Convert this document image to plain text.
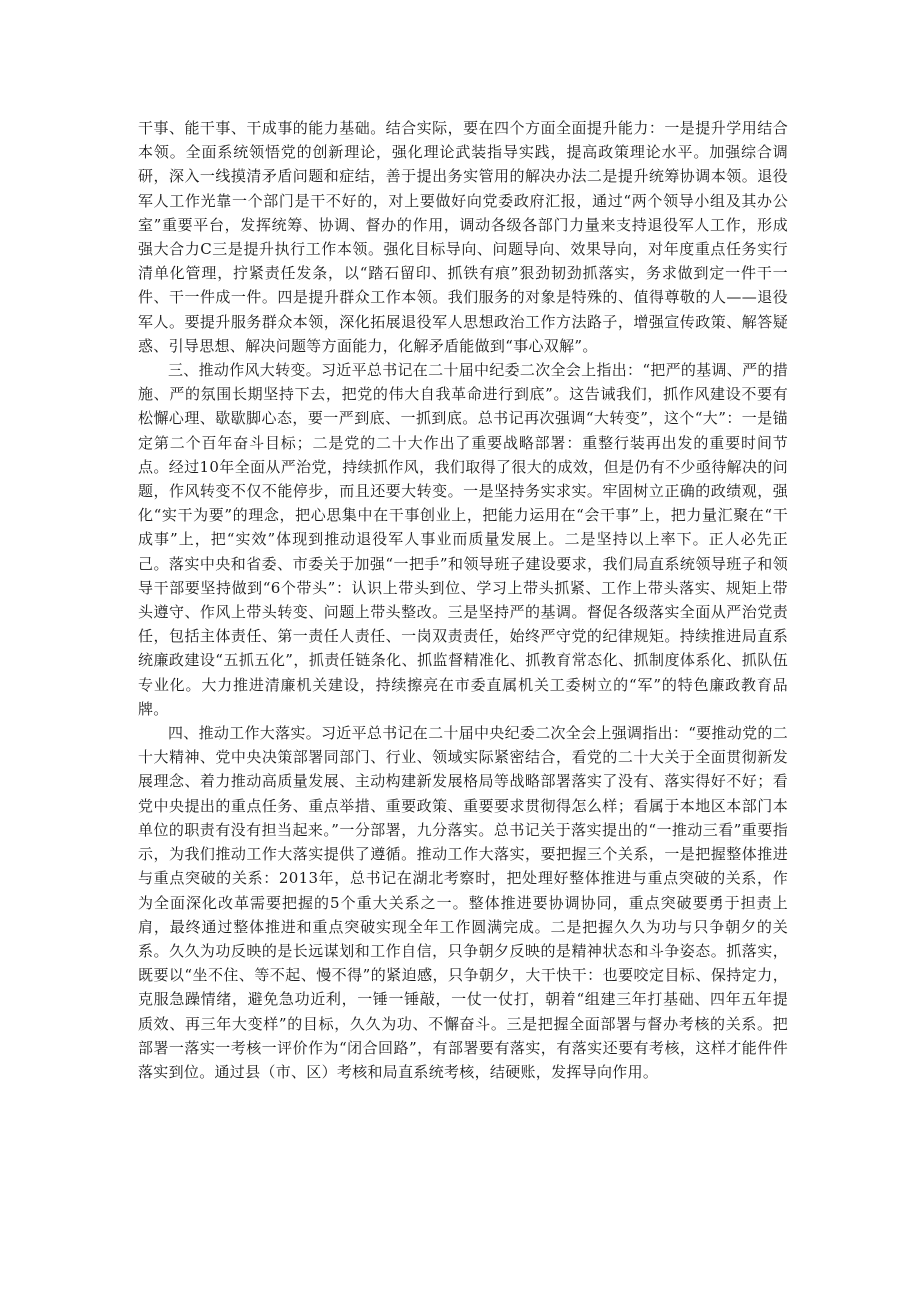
干事、能干事、干成事的能力基础。结合实际，要在四个方面全面提升能力：一是提升学用结合本领。全面系统领悟党的创新理论，强化理论武装指导实践，提高政策理论水平。加强综合调研，深入一线摸清矛盾问题和症结，善于提出务实管用的解决办法二是提升统筹协调本领。退役军人工作光靠一个部门是干不好的，对上要做好向党委政府汇报，通过“两个领导小组及其办公室”重要平台，发挥统筹、协调、督办的作用，调动各级各部门力量来支持退役军人工作，形成强大合力C三是提升执行工作本领。强化目标导向、问题导向、效果导向，对年度重点任务实行清单化管理，拧紧责任发条，以“踏石留印、抓铁有痕”狠劲韧劲抓落实，务求做到定一件干一件、干一件成一件。四是提升群众工作本领。我们服务的对象是特殊的、值得尊敬的人——退役军人。要提升服务群众本领，深化拓展退役军人思想政治工作方法路子，增强宣传政策、解答疑惑、引导思想、解决问题等方面能力，化解矛盾能做到“事心双解”。

三、推动作风大转变。习近平总书记在二十届中纪委二次全会上指出：“把严的基调、严的措施、严的氛围长期坚持下去，把党的伟大自我革命进行到底”。这告诫我们，抓作风建设不要有松懈心理、歇歇脚心态，要一严到底、一抓到底。总书记再次强调“大转变”，这个“大”：一是锚定第二个百年奋斗目标；二是党的二十大作出了重要战略部署：重整行装再出发的重要时间节点。经过10年全面从严治党，持续抓作风，我们取得了很大的成效，但是仍有不少亟待解决的问题，作风转变不仅不能停步，而且还要大转变。一是坚持务实求实。牢固树立正确的政绩观，强化“实干为要”的理念，把心思集中在干事创业上，把能力运用在“会干事”上，把力量汇聚在“干成事”上，把“实效”体现到推动退役军人事业而质量发展上。二是坚持以上率下。正人必先正己。落实中央和省委、市委关于加强“一把手”和领导班子建设要求，我们局直系统领导班子和领导干部要坚持做到“6个带头”：认识上带头到位、学习上带头抓紧、工作上带头落实、规矩上带头遵守、作风上带头转变、问题上带头整改。三是坚持严的基调。督促各级落实全面从严治党责任，包括主体责任、第一责任人责任、一岗双责责任，始终严守党的纪律规矩。持续推进局直系统廉政建设“五抓五化”，抓责任链条化、抓监督精准化、抓教育常态化、抓制度体系化、抓队伍专业化。大力推进清廉机关建设，持续擦亮在市委直属机关工委树立的“军”的特色廉政教育品牌。

四、推动工作大落实。习近平总书记在二十届中央纪委二次全会上强调指出：“要推动党的二十大精神、党中央决策部署同部门、行业、领域实际紧密结合，看党的二十大关于全面贯彻新发展理念、着力推动高质量发展、主动构建新发展格局等战略部署落实了没有、落实得好不好；看党中央提出的重点任务、重点举措、重要政策、重要要求贯彻得怎么样；看属于本地区本部门本单位的职责有没有担当起来。”一分部署，九分落实。总书记关于落实提出的“一推动三看”重要指示，为我们推动工作大落实提供了遵循。推动工作大落实，要把握三个关系，一是把握整体推进与重点突破的关系：2013年，总书记在湖北考察时，把处理好整体推进与重点突破的关系，作为全面深化改革需要把握的5个重大关系之一。整体推进要协调协同，重点突破要勇于担责上肩，最终通过整体推进和重点突破实现全年工作圆满完成。二是把握久久为功与只争朝夕的关系。久久为功反映的是长远谋划和工作自信，只争朝夕反映的是精神状态和斗争姿态。抓落实，既要以“坐不住、等不起、慢不得”的紧迫感，只争朝夕，大干快干：也要咬定目标、保持定力，克服急躁情绪，避免急功近利，一锤一锤敲，一仗一仗打，朝着“组建三年打基础、四年五年提质效、再三年大变样”的目标，久久为功、不懈奋斗。三是把握全面部署与督办考核的关系。把部署一落实一考核一评价作为“闭合回路”，有部署要有落实，有落实还要有考核，这样才能件件落实到位。通过县（市、区）考核和局直系统考核，结硬账，发挥导向作用。
